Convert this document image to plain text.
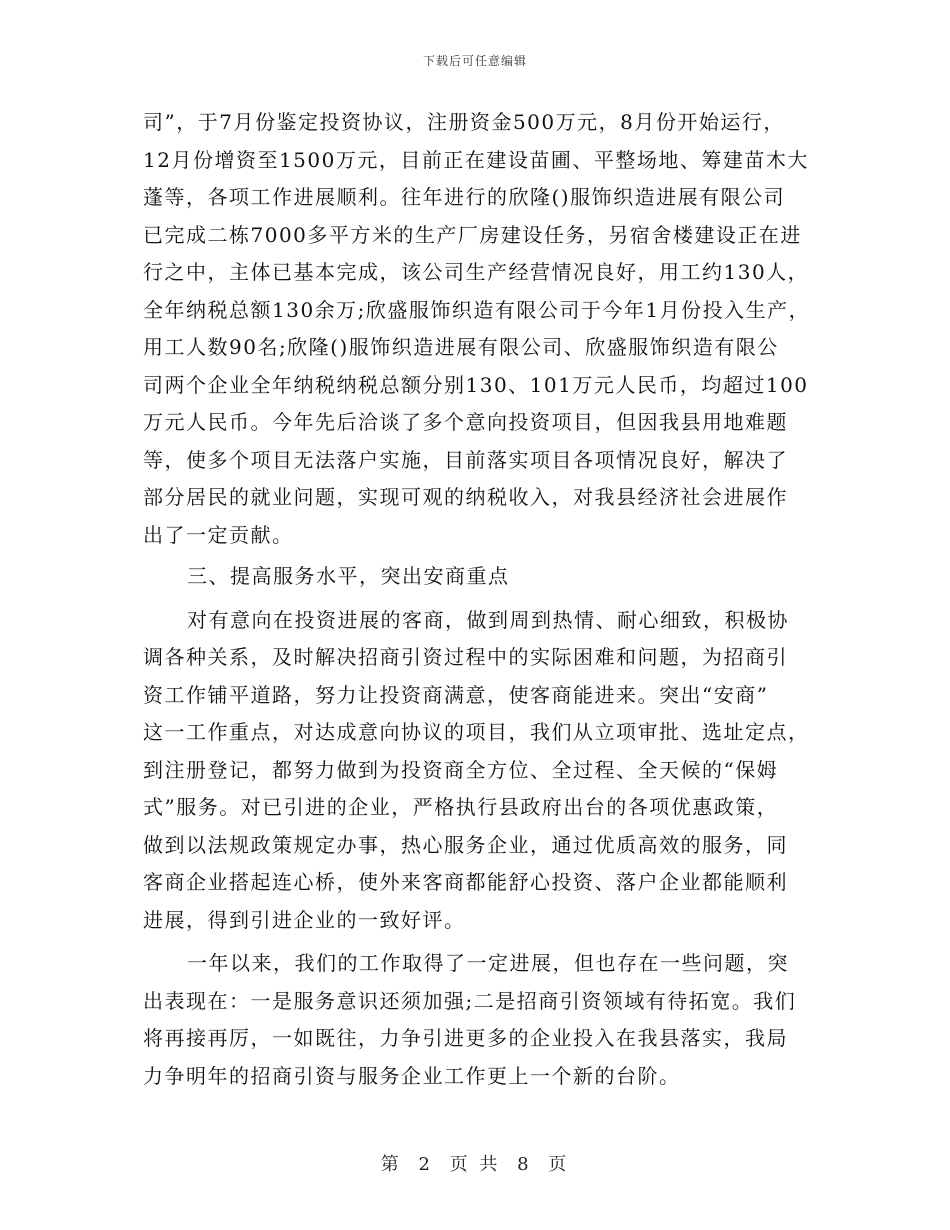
下载后可任意编辑
司”，于7月份鉴定投资协议，注册资金500万元，8月份开始运行，
12月份增资至1500万元，目前正在建设苗圃、平整场地、筹建苗木大
蓬等，各项工作进展顺利。往年进行的欣隆()服饰织造进展有限公司
已完成二栋7000多平方米的生产厂房建设任务，另宿舍楼建设正在进
行之中，主体已基本完成，该公司生产经营情况良好，用工约130人，
全年纳税总额130余万;欣盛服饰织造有限公司于今年1月份投入生产，
用工人数90名;欣隆()服饰织造进展有限公司、欣盛服饰织造有限公
司两个企业全年纳税纳税总额分别130、101万元人民币，均超过100
万元人民币。今年先后洽谈了多个意向投资项目，但因我县用地难题
等，使多个项目无法落户实施，目前落实项目各项情况良好，解决了
部分居民的就业问题，实现可观的纳税收入，对我县经济社会进展作
出了一定贡献。
三、提高服务水平，突出安商重点
对有意向在投资进展的客商，做到周到热情、耐心细致，积极协
调各种关系，及时解决招商引资过程中的实际困难和问题，为招商引
资工作铺平道路，努力让投资商满意，使客商能进来。突出“安商”
这一工作重点，对达成意向协议的项目，我们从立项审批、选址定点，
到注册登记，都努力做到为投资商全方位、全过程、全天候的“保姆
式”服务。对已引进的企业，严格执行县政府出台的各项优惠政策，
做到以法规政策规定办事，热心服务企业，通过优质高效的服务，同
客商企业搭起连心桥，使外来客商都能舒心投资、落户企业都能顺利
进展，得到引进企业的一致好评。
一年以来，我们的工作取得了一定进展，但也存在一些问题，突
出表现在：一是服务意识还须加强;二是招商引资领域有待拓宽。我们
将再接再厉，一如既往，力争引进更多的企业投入在我县落实，我局
力争明年的招商引资与服务企业工作更上一个新的台阶。
第 2 页 共 8 页
